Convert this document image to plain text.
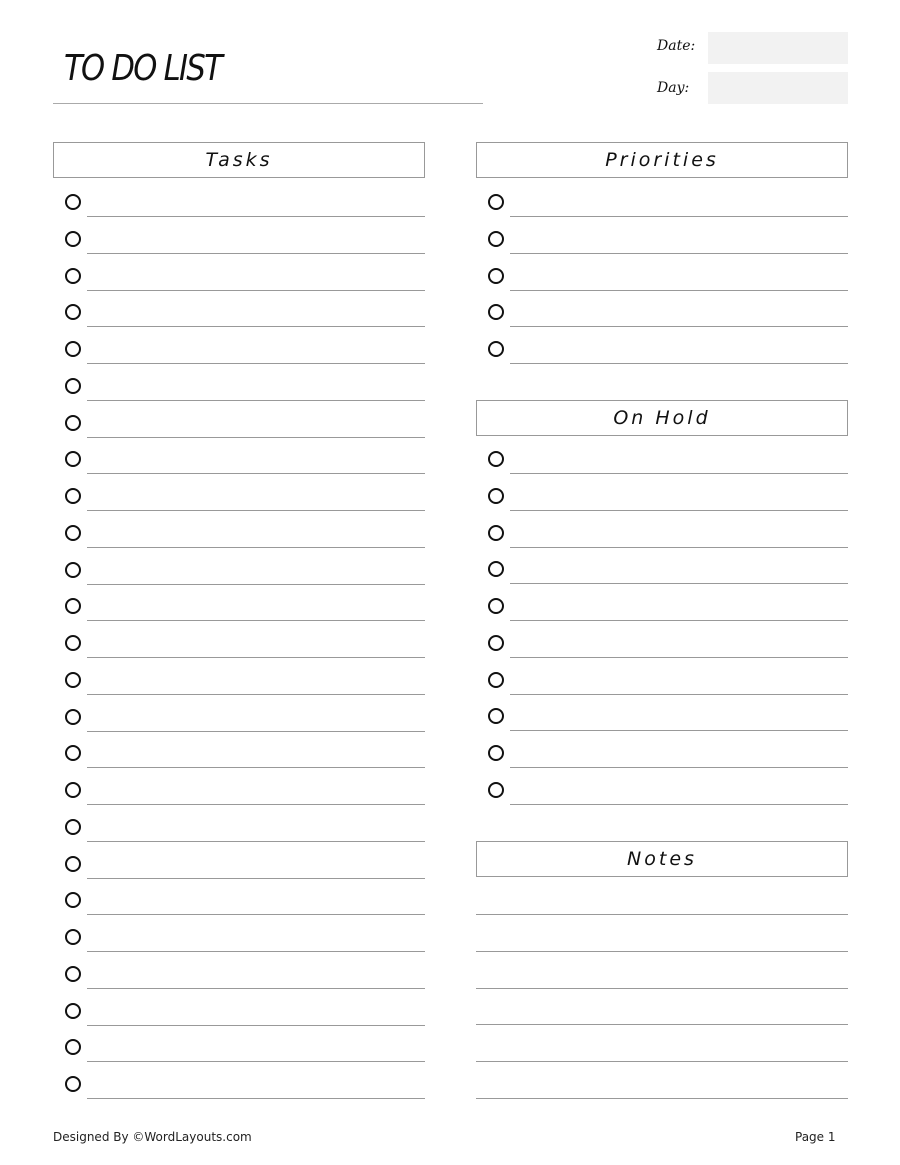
TO DO LIST
Date:
Day:
Tasks	Priorities
On Hold
Notes
Designed By ©WordLayouts.com	Page 1
